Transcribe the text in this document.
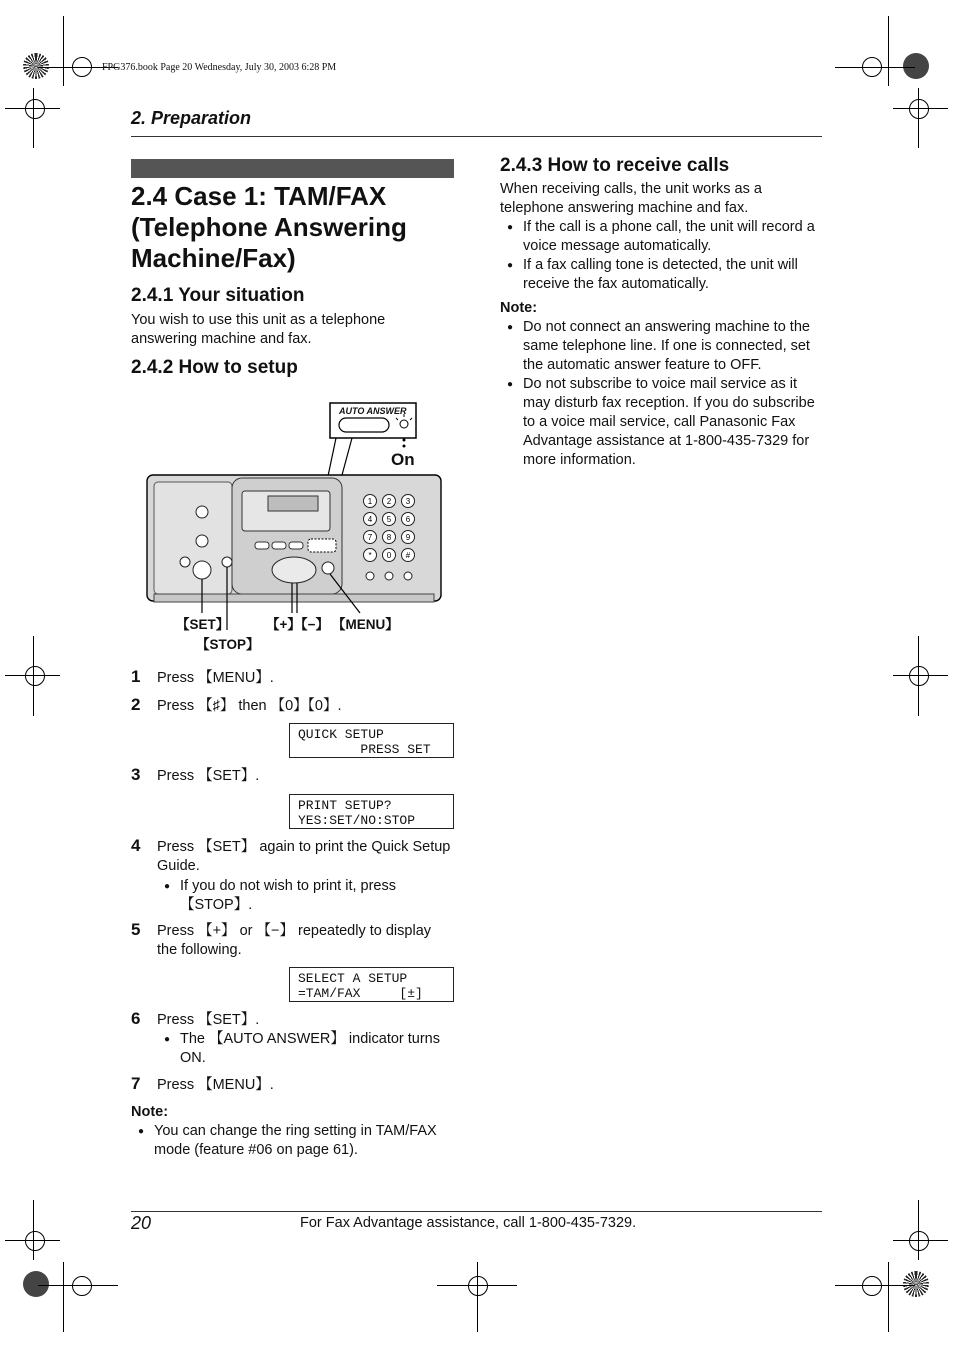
FPG376.book Page 20 Wednesday, July 30, 2003 6:28 PM
2. Preparation
2.4 Case 1: TAM/FAX
(Telephone Answering
Machine/Fax)
2.4.1 Your situation
You wish to use this unit as a telephone answering machine and fax.
2.4.2 How to setup
1 2 3
4 5 6
7 8 9
* 0 #
AUTO ANSWER
On
【SET】
【STOP】
【+】【−】 【MENU】
1 Press 【MENU】.
2 Press 【♯】 then 【0】【0】.
QUICK SETUP
PRESS SET
3 Press 【SET】.
PRINT SETUP?
YES:SET/NO:STOP
4 Press 【SET】 again to print the Quick Setup Guide.
● If you do not wish to print it, press 【STOP】.
5 Press 【+】 or 【−】 repeatedly to display the following.
SELECT A SETUP
=TAM/FAX     [±]
6 Press 【SET】.
● The 【AUTO ANSWER】 indicator turns ON.
7 Press 【MENU】.
Note:
● You can change the ring setting in TAM/FAX mode (feature #06 on page 61).
2.4.3 How to receive calls
When receiving calls, the unit works as a telephone answering machine and fax.
● If the call is a phone call, the unit will record a voice message automatically.
● If a fax calling tone is detected, the unit will receive the fax automatically.
Note:
● Do not connect an answering machine to the same telephone line. If one is connected, set the automatic answer feature to OFF.
● Do not subscribe to voice mail service as it may disturb fax reception. If you do subscribe to a voice mail service, call Panasonic Fax Advantage assistance at 1-800-435-7329 for more information.
20	For Fax Advantage assistance, call 1-800-435-7329.
